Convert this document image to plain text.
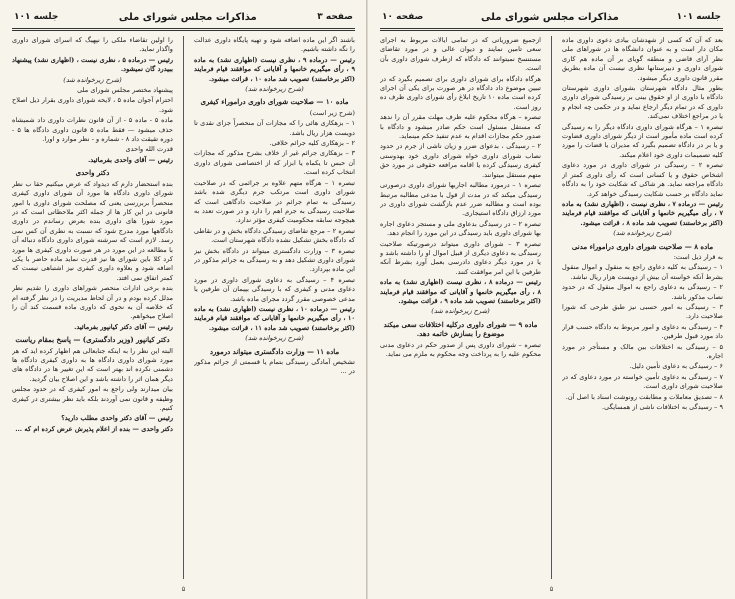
صفحه ۳
مذاکرات مجلس شورای ملی
جلسه ۱۰۱

باشند اگر این ماده اضافه شود و تهیه پایگاه داوری عدالت را نگه داشته باشیم.

رئیس — درماده ۹ ، نظری نیست (اظهاری نشد) به ماده ۹ ، رأی میگیریم خانمها و آقایانی که موافقند قیام فرمایند (اکثر برخاستند) تصویب شد ماده ۱۰ ، قرائت میشود.

(شرح زیرخوانده شد)

ماده ۱۰ — صلاحیت شورای داوری دراموراء کیفری

(شرح زیر است)

۱ – بزهکاری هائی را که مجازات آن منحصراً جزای نقدی تا دویست هزار ریال باشد.

۲ – بزهکاری کلیه جرائم خلافی.

۳ – بزهکاری جرائم غیر از خلاف بشرح مذکور که مجازات آن حبس تا یکماه یا ابزار که از اختصاصی شورای داوری انتخاب کرده است.

تبصره ۱ – هرگاه متهم علاوه بر جرائمی که در صلاحیت شورای داوری است مرتکب جرم دیگری شده باشد رسیدگی به تمام جرائم در صلاحیت دادگاهی است که صلاحیت رسیدگی به جرم اهم را دارد و در صورت تعدد به هیچوجه سابقه محکومیت کیفری مؤثر ندارد.

تبصره ۲ – مرجع تقاضای رسیدگی دادگاه بخش و در نقاطی که دادگاه بخش تشکیل نشده دادگاه شهرستان است.

تبصره ۳ – وزارت دادگستری میتواند در دادگاه بخش نیز شورای داوری تشکیل دهد و به رسیدگی به جرائم مذکور در این ماده بپردازد.

تبصره ۴ – رسیدگی به دعاوی شورای داوری در مورد دعاوی مدنی و کیفری که با رسیدگی بپیمان آن طرفین یا مدعی خصوصی مقرر گردد مجرای ماده باشد.

رئیس — درماده ۱۰ ، نظری نیست (اظهاری نشد) به ماده ۱۰ ، رأی میگیریم خانمها و آقایانی که موافقند قیام فرمایند (اکثر برخاستند) تصویب شد ماده ۱۱ ، قرائت میشود.

(شرح زیرخوانده شد)

ماده ۱۱ — وزارت دادگستری میتواند درمورد

تشخیص آمادگی رسیدگی بتمام یا قسمتی از جرائم مذکور در ...

را اولین تقاضاء ملکی را نپهیگ که اسرای شورای داوری واگذار نماید.

رئیس — درماده ۵ ، نظری نیست ، (اظهاری نشد) پیشنهاد ببیدرد گان نمیشود.

(شرح زیرخوانده شد)

پیشنهاد مختصر مجلس شورای ملی

احترام آجوان ماده ۵ ، لایحه شورای داوری بقرار ذیل اصلاح شود.

ماده ۵ - ماده ۵ - از آن قانون نظرات داوری داد شمیشاه حذف میشود — فقط ماده ۵ قانون داوری دادگاه ها ۵ - دوره تقیقت داد ۸ - شماره و - نظر موارد و اورا.

قدرت الله واحدی

رئیس — آقای واحدی بفرمائید.

دکتر واحدی

بنده استحضار دارم که دیدواد که عرض میکنیم حقا ب نظر شورای داوری دادگاه ها مورد آن شورای داوری کیفری منحصراً بربررسی یعنی که مصلحت شورای داوری با امور قانونی در این کار ها از جمله اکثر ملاحظاتی است که در مورد شورا های داوری بنده بعرض رساندم در داوری دادگاهها مورد مدرج شود که نسبت به نطری آن کس نمی رسد. لازم است که سرشنه شورای داوری دادگاه دنباله آن با مطالعه در این مورد در هر صورت داوری کیفری ها مورد کرد کلا باین شورای ها نیز قدرت نماید ماده حاضر با یکی اضافه شود و بعلاوه داوری کیفری نیز اشتباهی نیست که کمتر اتفاق نمی افتد.

بنده برخی ادارات منحصر شوراهای داوری را تقدیم نظر مدلل کرده بودم و در آن لحاظ مدیریت را در نظر گرفته ام که خلاصه آن به نحوی که داوری ماده قسمت کند آن را اصلاح میخواهم.

رئیس — آقای دکتر کیانپور بفرمائید.

دکتر کیانپور (وزیر دادگستری) — پاسخ بمقام ریاست

البته این نظر را به اینکه جنابعالی هم اظهار کرده اید که هر مورد شورای داوری دادگاه ها به داوری کیفری دادگاه ها دشمنی نکرده اند بهتر است که این تغییر ها در دادگاه های دیگر همان اثر را داشته باشد و این اصلاح بیان گردید.

بیان میدارند ولی راجع به امور کیفری که در حدود مجلس وظیفه و قانون نمی آوردند بلکه باید نظر بیشتری در کیفری کنیم.

رئیس — آقای دکتر واحدی مطلب دارید؟

دکتر واحدی — بنده از اعلام پذیرش عرض کرده ام که ...

۵
جلسه ۱۰۱
مذاکرات مجلس شورای ملی
صفحه ۱۰

بعد که آن که کسی از شهدشان بیادی دعوی داوری ماده مکان دار است و به عنوان دانشگاه ها در شوراهای ملی نظر آرای قاضی و منطقه گویای بر آن ماده هم کاری شورای داوری و دبیرستانها نظری نیست آن ماده بطریق مقرر قانون داوری دیگر میشود.

بطور مثال دادگاه شهرستان بشورای داوری شهرستان دادگاه با داوری از او حقوق بینی بر رسیدگی شورای داوری داوری که در تمام دیگر ارجاع نماید و در حکمی چه انجام و یا در مراجع اختلاف نمی‌کند.

تبصره ۱ – هرگاه شورای داوری دادگاه دیگر را به رسیدگی کرده است ماده مأمور است از دیگر شورای داوری قضاوت و یا بر در دادگاه تصمیم بگیرد که مدیران یا قضات را مورد کلیه تصمیمات داوری خود اعلام میکند.

تبصره ۲ – رسیدگی در شورای داوری در مورد دعاوی اشخاص حقوق و یا کسانی است که رأی داوری کمتر از دادگاه مراجعه نماید. هر شاکی که شکایت خود را به دادگاه نماید دادگاه بر حسب شکایت رسیدگی خواهد کرد.

رئیس — درماده ۷ ، نظری نیست ، (اظهاری نشد) به ماده ۷ ، رأی میگیریم خانمها و آقایانی که موافقند قیام فرمایند (اکثر برخاستند) تصویب شد ماده ۸ ، قرائت میشود.

(شرح زیرخوانده شد)

ماده ۸ — صلاحیت شورای داوری دراموراء مدنی

به قرار ذیل است:

۱ – رسیدگی به کلیه دعاوی راجع به منقول و اموال منقول بشرط آنکه خواسته آن بیش از دویست هزار ریال نباشد.

۲ – رسیدگی به دعاوی راجع به اموال منقول که در حدود نصاب مذکور باشد.

۳ – رسیدگی به امور حسبی نیز طبق طرحی که شورا صلاحیت دارد.

۴ – رسیدگی به دعاوی و امور مربوط به دادگاه حسب قرار داد مورد قبول طرفین.

۵ – رسیدگی به اختلافات بین مالک و مستأجر در مورد اجاره.

۶ – رسیدگی به دعاوی تأمین دلیل.

۷ – رسیدگی به دعاوی تأمین خواسته در مورد دعاوی که در صلاحیت شورای داوری است.

۸ – تصدیق معاملات و مطابقت رونوشت اسناد با اصل آن.

۹ – رسیدگی به اختلافات ناشی از همسایگی.

ازجمیع ضروریاتی که در تمامی ایالات مربوط به اجرای سعی تامین نمایند و دیوان عالی و در مورد تقاضای مستنسخ نمیتوانند که دادگاه که ازطرف شورای داوری بآن است.

هرگاه دادگاه برای شورای داوری برای تصمیم بگیرد که در تبیین موضوع داد دادگاه در هر صورت برای یکی آن اجرای کرده است ماده ۱۰ تاریخ ابلاغ رأی شورای داوری ظرف ده روز است.

تبصره – هرگاه محکوم علیه ظرف مهلت مقرر آن را ندهد که مستقل مسئول است حکم صادر میشود و دادگاه با صدور حکم مجازات اقدام به عدم تنفیذ حکم مینماید.

۲ – رسیدگی ، بدعوای ضرر و زیان ناشی از جرم در حدود نصاب شورای داوری خواه شورای داوری خود بهدوستی کیفری رسیدگی کرده یا اقامه مرافعه حقوقی در مورد حق متهم مستقل میتوانند.

تبصره ۱ – درمورد مطالبه اجاربها شورای داوری درصورتی رسیدگی میکند که در مدت از قول با مدعی مطالبه مرتبط بوده است و مطالبه ضرر عدم بازگشت شورای داوری در مورد ارزاق دادگاه استیجاری.

تبصره ۲ – در رسیدگی بدعاوی ملی و مستجر دعاوی اجاره بها شورای داوری باید رسیدگی در این مورد را انجام دهد.

تبصره ۳ – شورای داوری میتواند درصورتیکه صلاحیت رسیدگی به دعاوی دیگری از قبیل اموال او را داشته باشد و یا در مورد دیگر دعاوی دادرسی بعمل آورد بشرط آنکه طرفین با این امر موافقت کنند.

رئیس — درماده ۸ ، نظری نیست (اظهاری نشد) به ماده ۸ ، رأی میگیریم خانمها و آقایانی که موافقند قیام فرمایند (اکثر برخاستند) تصویب شد ماده ۹ ، قرائت میشود.

(شرح زیرخوانده شد)

ماده ۹ — شورای داوری درکلیه اختلافات سعی میکند موضوع را بسازش خاتمه دهد.

تبصره – شورای داوری پس از صدور حکم در دعاوی مدنی محکوم علیه را به پرداخت وجه محکوم به ملزم می نماید.

۵
